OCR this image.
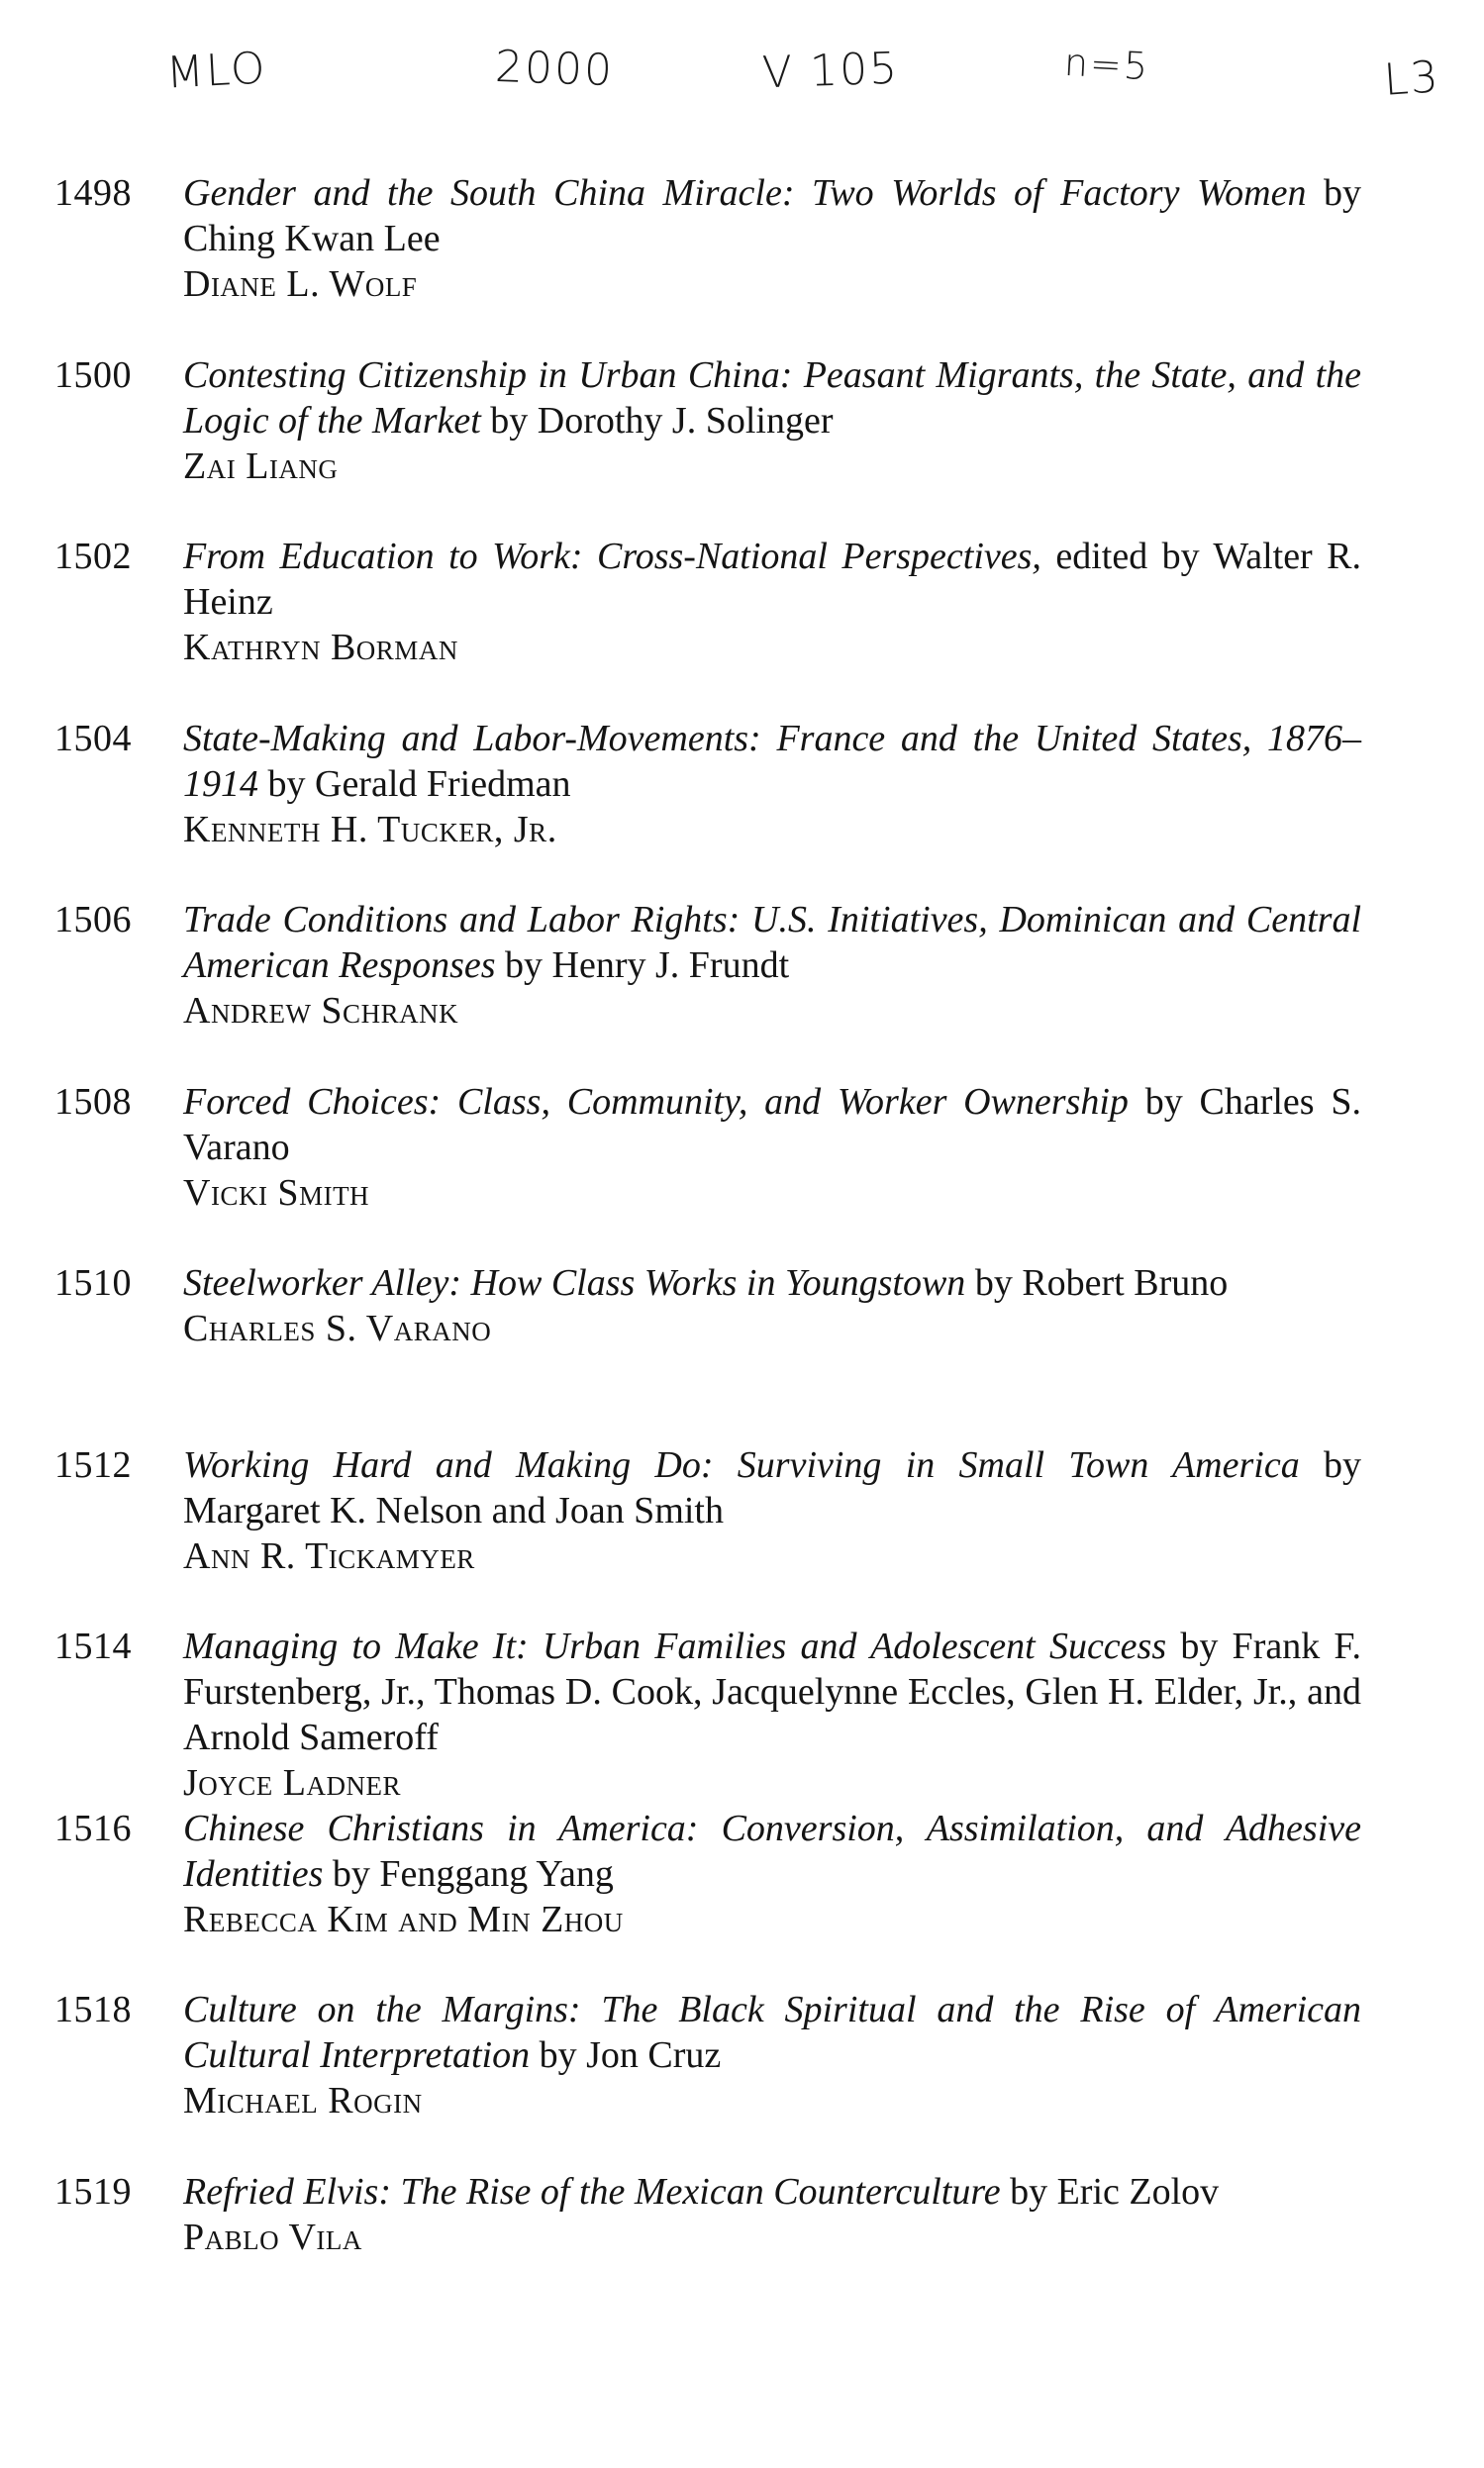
MLO	2000	V 105	n=5	L3
1498	Gender and the South China Miracle: Two Worlds of Factory Women by Ching Kwan Lee

Diane L. Wolf

1500	Contesting Citizenship in Urban China: Peasant Migrants, the State, and the Logic of the Market by Dorothy J. Solinger

Zai Liang

1502	From Education to Work: Cross-National Perspectives, edited by Walter R. Heinz

Kathryn Borman

1504	State-Making and Labor-Movements: France and the United States, 1876–1914 by Gerald Friedman

Kenneth H. Tucker, Jr.

1506	Trade Conditions and Labor Rights: U.S. Initiatives, Dominican and Central American Responses by Henry J. Frundt

Andrew Schrank

1508	Forced Choices: Class, Community, and Worker Ownership by Charles S. Varano

Vicki Smith

1510	Steelworker Alley: How Class Works in Youngstown by Robert Bruno

Charles S. Varano

1512	Working Hard and Making Do: Surviving in Small Town America by Margaret K. Nelson and Joan Smith

Ann R. Tickamyer

1514	Managing to Make It: Urban Families and Adolescent Success by Frank F. Furstenberg, Jr., Thomas D. Cook, Jacquelynne Eccles, Glen H. Elder, Jr., and Arnold Sameroff

Joyce Ladner

1516	Chinese Christians in America: Conversion, Assimilation, and Adhesive Identities by Fenggang Yang

Rebecca Kim and Min Zhou

1518	Culture on the Margins: The Black Spiritual and the Rise of American Cultural Interpretation by Jon Cruz

Michael Rogin

1519	Refried Elvis: The Rise of the Mexican Counterculture by Eric Zolov

Pablo Vila
